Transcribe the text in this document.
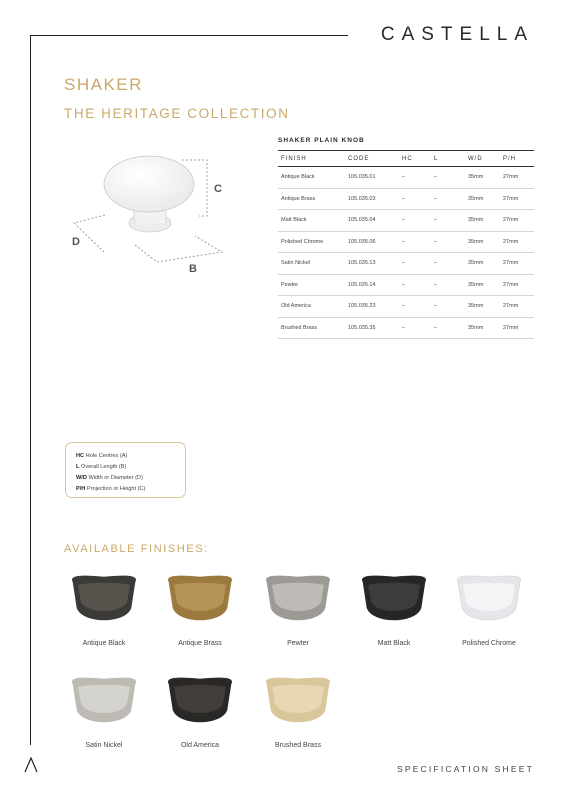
CASTELLA
SHAKER
THE HERITAGE COLLECTION
C
D
B
SHAKER PLAIN KNOB
FINISH	CODE	HC	L	W/D	P/H
Antique Black	105.035.01	–	–	35mm	27mm
Antique Brass	105.035.03	–	–	35mm	27mm
Matt Black	105.035.04	–	–	35mm	27mm
Polished Chrome	105.035.06	–	–	35mm	27mm
Satin Nickel	105.035.13	–	–	35mm	27mm
Pewter	105.035.14	–	–	35mm	27mm
Old America	105.035.23	–	–	35mm	27mm
Brushed Brass	105.035.35	–	–	35mm	27mm
HC Hole Centres (A)
L Overall Length (B)
W/D Width or Diameter (D)
P/H Projection or Height (C)
AVAILABLE FINISHES:
Antique Black	Antique Brass	Pewter	Matt Black	Polished Chrome
Satin Nickel	Old America	Brushed Brass
SPECIFICATION SHEET
